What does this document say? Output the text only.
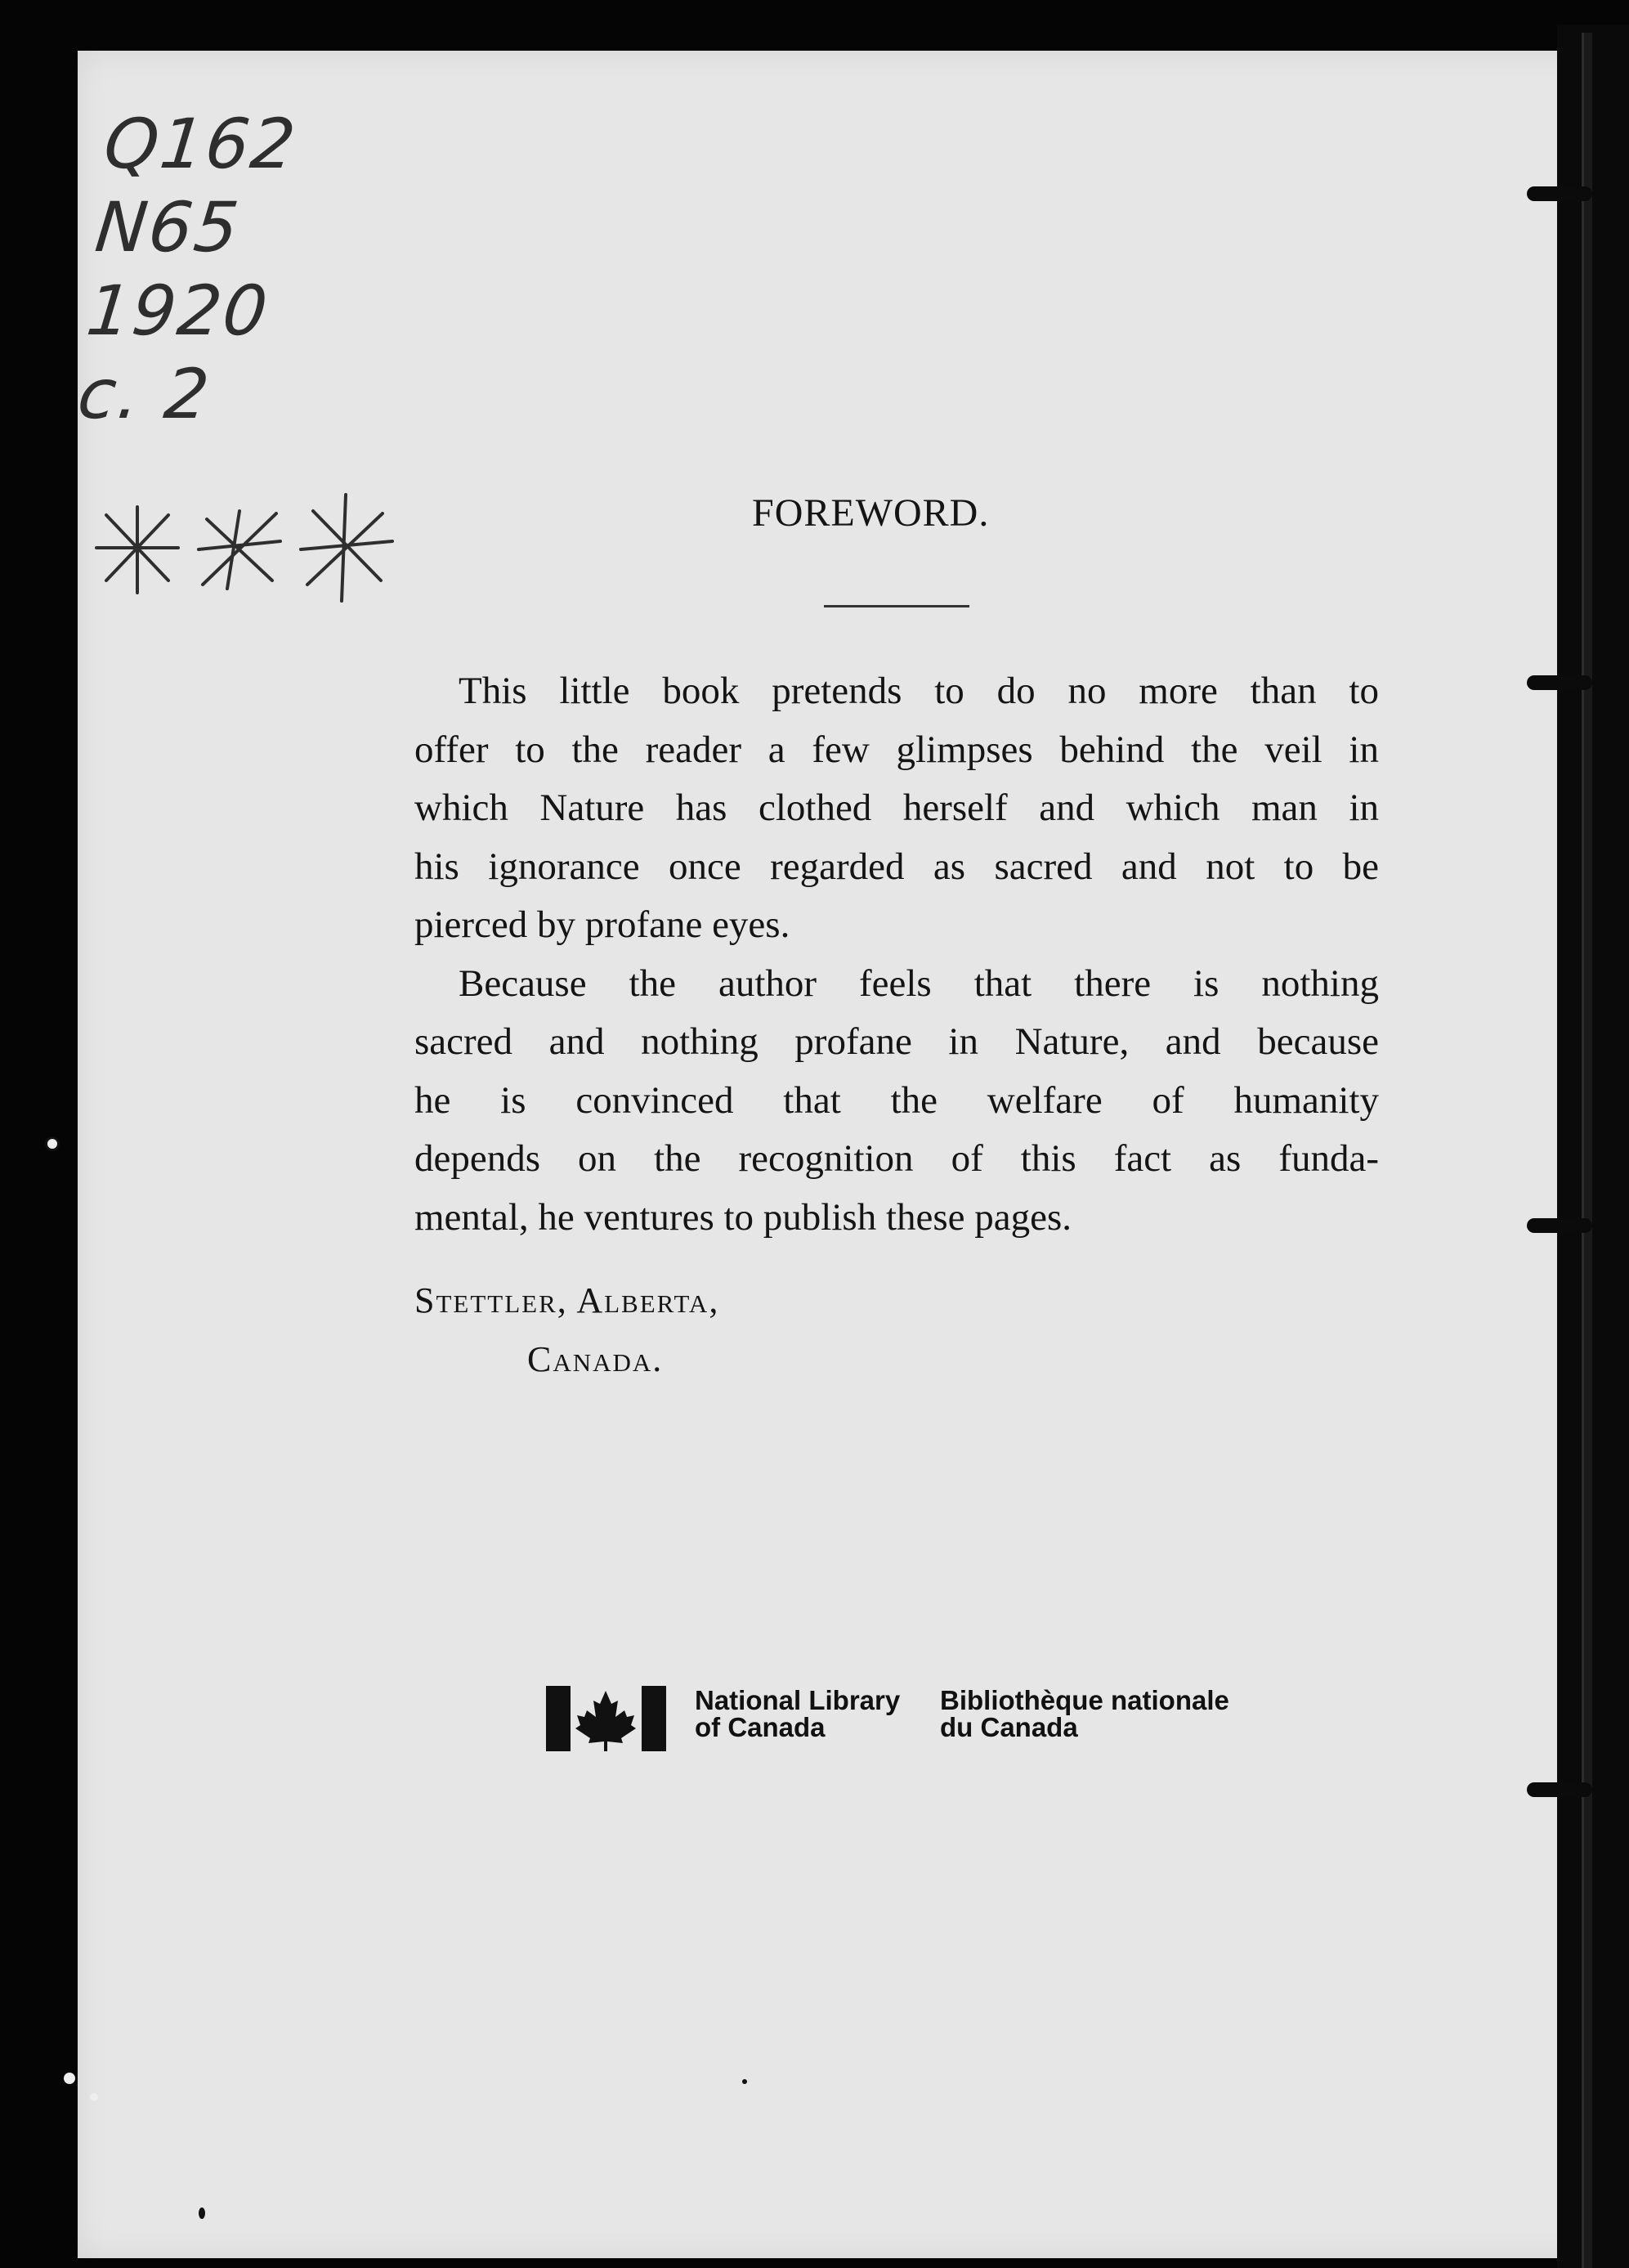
Q162
N65
1920
c. 2
FOREWORD.

This little book pretends to do no more than to
offer to the reader a few glimpses behind the veil in
which Nature has clothed herself and which man in
his ignorance once regarded as sacred and not to be
pierced by profane eyes.

Because the author feels that there is nothing
sacred and nothing profane in Nature, and because
he is convinced that the welfare of humanity
depends on the recognition of this fact as funda-
mental, he ventures to publish these pages.

Stettler, Alberta,
Canada.
National Library
of Canada
Bibliothèque nationale
du Canada
